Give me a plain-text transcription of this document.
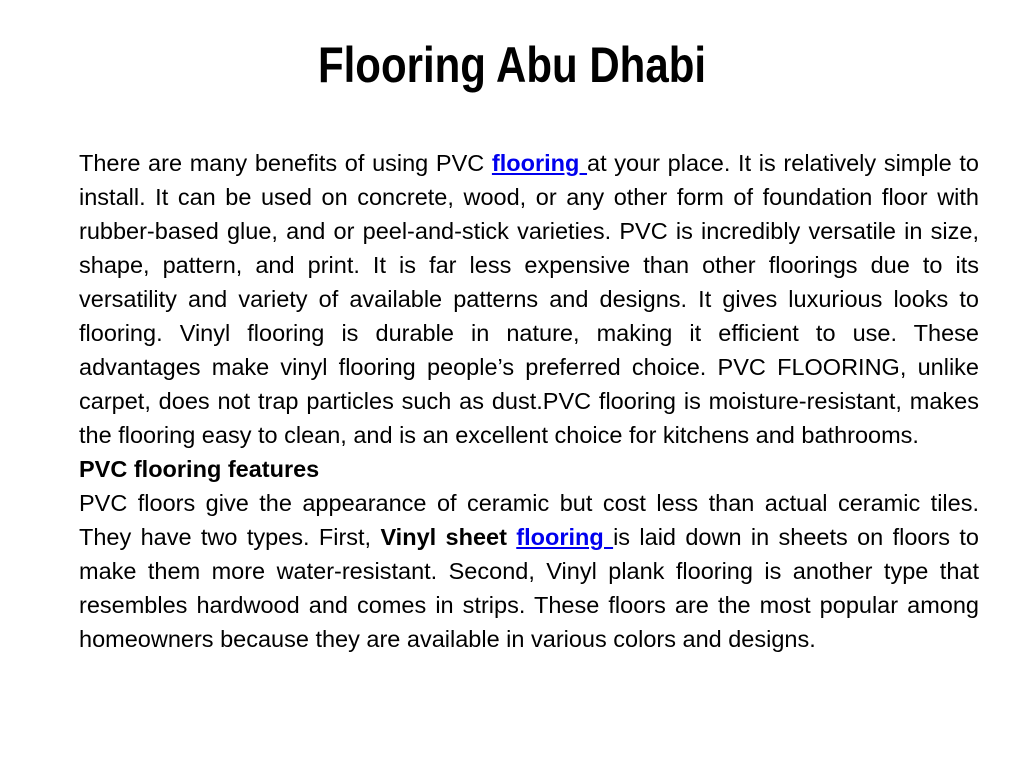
Flooring Abu Dhabi

There are many benefits of using PVC flooring at your place. It is relatively simple to install. It can be used on concrete, wood, or any other form of foundation floor with rubber-based glue, and or peel-and-stick varieties. PVC is incredibly versatile in size, shape, pattern, and print. It is far less expensive than other floorings due to its versatility and variety of available patterns and designs. It gives luxurious looks to flooring. Vinyl flooring is durable in nature, making it efficient to use. These advantages make vinyl flooring people’s preferred choice. PVC FLOORING, unlike carpet, does not trap particles such as dust.PVC flooring is moisture-resistant, makes the flooring easy to clean, and is an excellent choice for kitchens and bathrooms.

PVC flooring features

PVC floors give the appearance of ceramic but cost less than actual ceramic tiles. They have two types. First, Vinyl sheet flooring is laid down in sheets on floors to make them more water-resistant. Second, Vinyl plank flooring is another type that resembles hardwood and comes in strips. These floors are the most popular among homeowners because they are available in various colors and designs.
